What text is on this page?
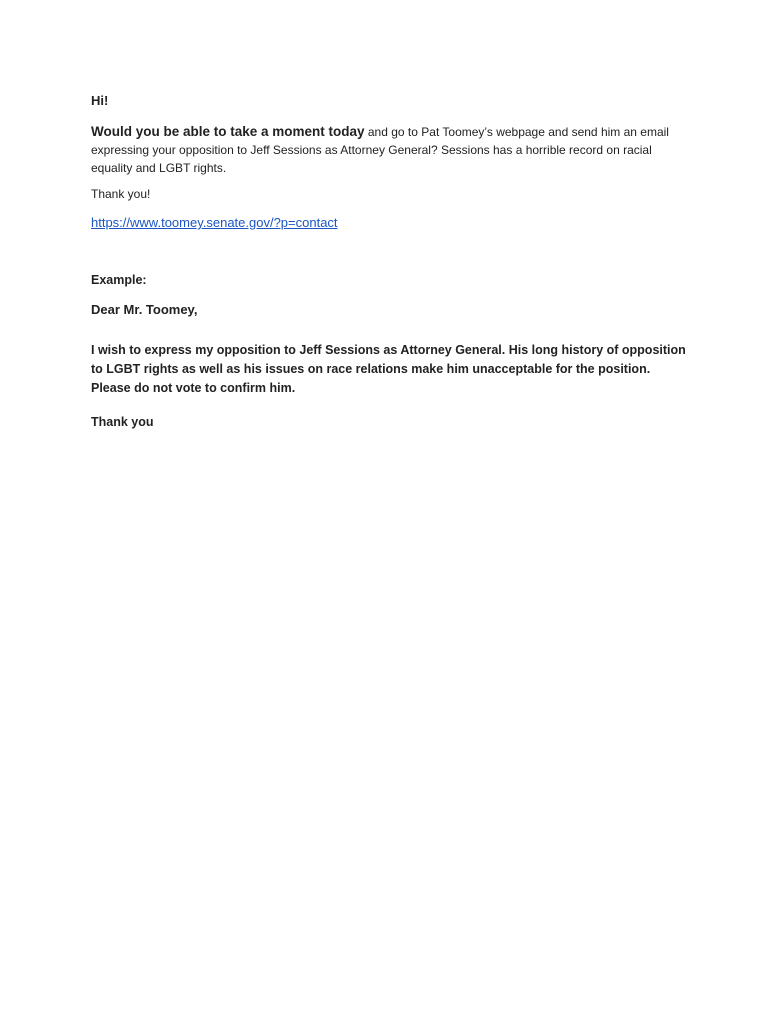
Hi!
Would you be able to take a moment today and go to Pat Toomey’s webpage and send him an email expressing your opposition to Jeff Sessions as Attorney General? Sessions has a horrible record on racial equality and LGBT rights.
Thank you!
https://www.toomey.senate.gov/?p=contact
Example:
Dear Mr. Toomey,
I wish to express my opposition to Jeff Sessions as Attorney General. His long history of opposition to LGBT rights as well as his issues on race relations make him unacceptable for the position. Please do not vote to confirm him.
Thank you
